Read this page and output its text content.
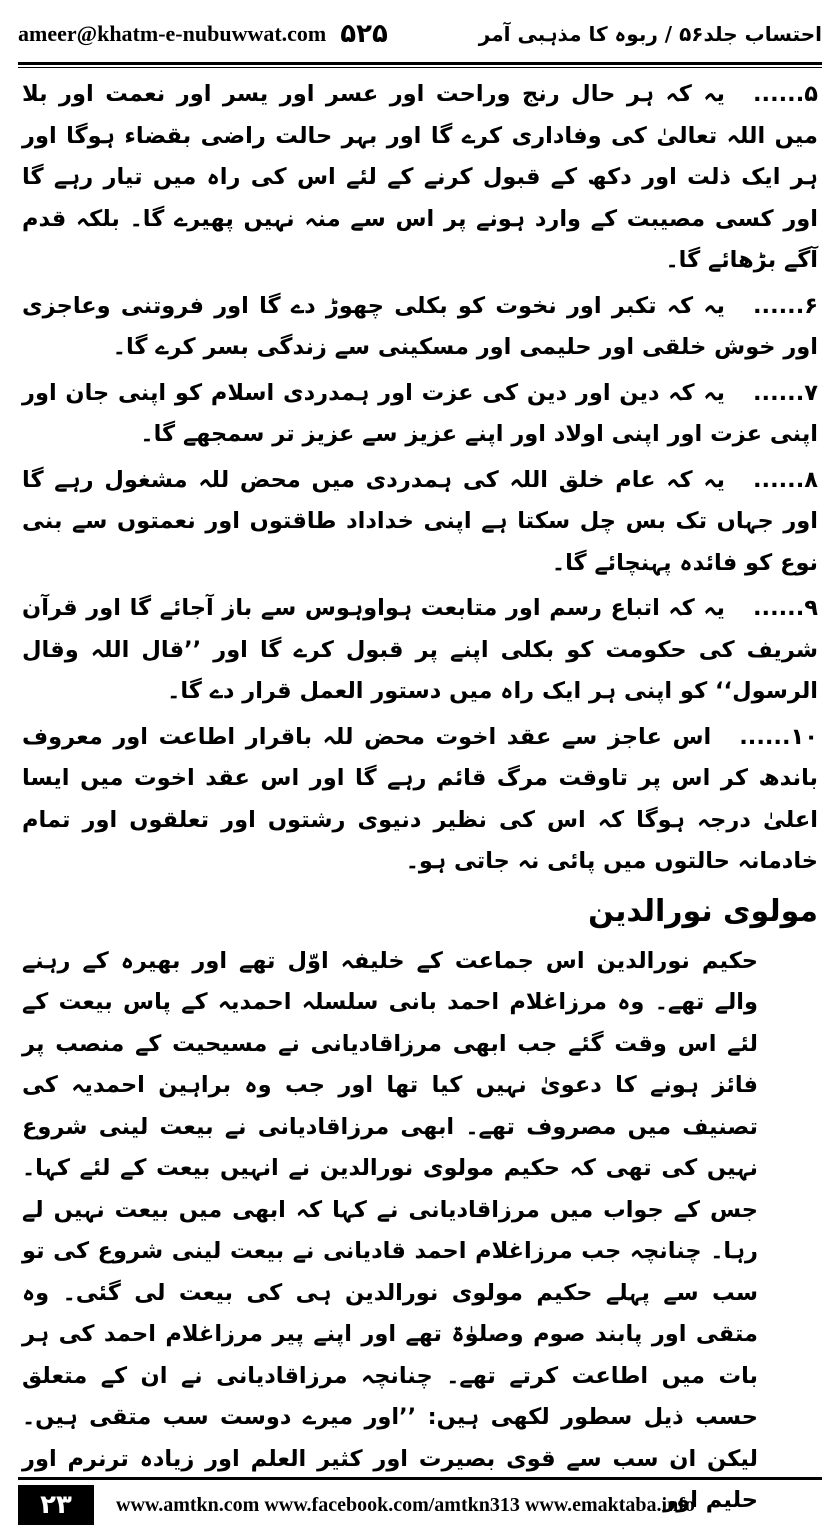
ameer@khatm-e-nubuwwat.com ۵۲۵	احتساب جلد۵۶ / ربوہ کا مذہبی آمر

۵......یہ کہ ہر حال رنج وراحت اور عسر اور یسر اور نعمت اور بلا میں اللہ تعالیٰ کی وفاداری کرے گا اور بہر حالت راضی بقضاء ہوگا اور ہر ایک ذلت اور دکھ کے قبول کرنے کے لئے اس کی راہ میں تیار رہے گا اور کسی مصیبت کے وارد ہونے پر اس سے منہ نہیں پھیرے گا۔ بلکہ قدم آگے بڑھائے گا۔

۶......یہ کہ تکبر اور نخوت کو بکلی چھوڑ دے گا اور فروتنی وعاجزی اور خوش خلقی اور حلیمی اور مسکینی سے زندگی بسر کرے گا۔

۷......یہ کہ دین اور دین کی عزت اور ہمدردی اسلام کو اپنی جان اور اپنی عزت اور اپنی اولاد اور اپنے عزیز سے عزیز تر سمجھے گا۔

۸......یہ کہ عام خلق اللہ کی ہمدردی میں محض للہ مشغول رہے گا اور جہاں تک بس چل سکتا ہے اپنی خداداد طاقتوں اور نعمتوں سے بنی نوع کو فائدہ پہنچائے گا۔

۹......یہ کہ اتباع رسم اور متابعت ہواوہوس سے باز آجائے گا اور قرآن شریف کی حکومت کو بکلی اپنے پر قبول کرے گا اور ’’قال اللہ وقال الرسول‘‘ کو اپنی ہر ایک راہ میں دستور العمل قرار دے گا۔

۱۰......اس عاجز سے عقد اخوت محض للہ باقرار اطاعت اور معروف باندھ کر اس پر تاوقت مرگ قائم رہے گا اور اس عقد اخوت میں ایسا اعلیٰ درجہ ہوگا کہ اس کی نظیر دنیوی رشتوں اور تعلقوں اور تمام خادمانہ حالتوں میں پائی نہ جاتی ہو۔

مولوی نورالدین

حکیم نورالدین اس جماعت کے خلیفہ اوّل تھے اور بھیرہ کے رہنے والے تھے۔ وہ مرزاغلام احمد بانی سلسلہ احمدیہ کے پاس بیعت کے لئے اس وقت گئے جب ابھی مرزاقادیانی نے مسیحیت کے منصب پر فائز ہونے کا دعویٰ نہیں کیا تھا اور جب وہ براہین احمدیہ کی تصنیف میں مصروف تھے۔ ابھی مرزاقادیانی نے بیعت لینی شروع نہیں کی تھی کہ حکیم مولوی نورالدین نے انہیں بیعت کے لئے کہا۔ جس کے جواب میں مرزاقادیانی نے کہا کہ ابھی میں بیعت نہیں لے رہا۔ چنانچہ جب مرزاغلام احمد قادیانی نے بیعت لینی شروع کی تو سب سے پہلے حکیم مولوی نورالدین ہی کی بیعت لی گئی۔ وہ متقی اور پابند صوم وصلوٰۃ تھے اور اپنے پیر مرزاغلام احمد کی ہر بات میں اطاعت کرتے تھے۔ چنانچہ مرزاقادیانی نے ان کے متعلق حسب ذیل سطور لکھی ہیں: ’’اور میرے دوست سب متقی ہیں۔ لیکن ان سب سے قوی بصیرت اور کثیر العلم اور زیادہ ترنرم اور حلیم اور

۲۳	www.amtkn.com www.facebook.com/amtkn313 www.emaktaba.info
